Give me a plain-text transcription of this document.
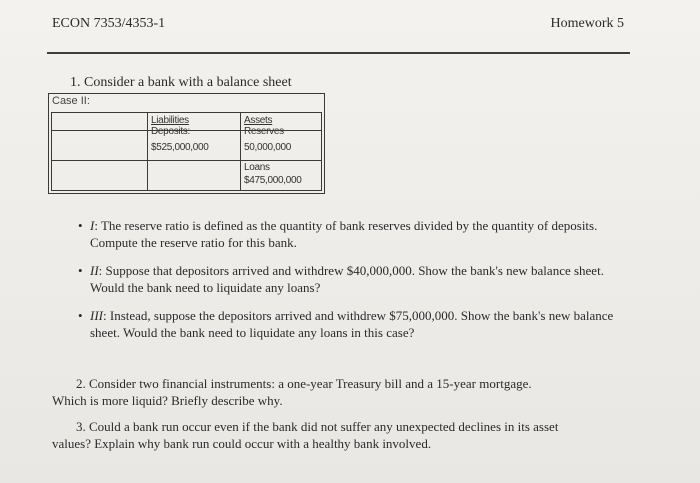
ECON 7353/4353-1	Homework 5
1. Consider a bank with a balance sheet
Case II:
Liabilities
Deposits:
$525,000,000
Assets
Reserves
50,000,000
Loans
$475,000,000
• I: The reserve ratio is defined as the quantity of bank reserves divided by the quantity of deposits. Compute the reserve ratio for this bank.
• II: Suppose that depositors arrived and withdrew $40,000,000. Show the bank's new balance sheet. Would the bank need to liquidate any loans?
• III: Instead, suppose the depositors arrived and withdrew $75,000,000. Show the bank's new balance sheet. Would the bank need to liquidate any loans in this case?
2. Consider two financial instruments: a one-year Treasury bill and a 15-year mortgage.
Which is more liquid? Briefly describe why.
3. Could a bank run occur even if the bank did not suffer any unexpected declines in its asset
values? Explain why bank run could occur with a healthy bank involved.
